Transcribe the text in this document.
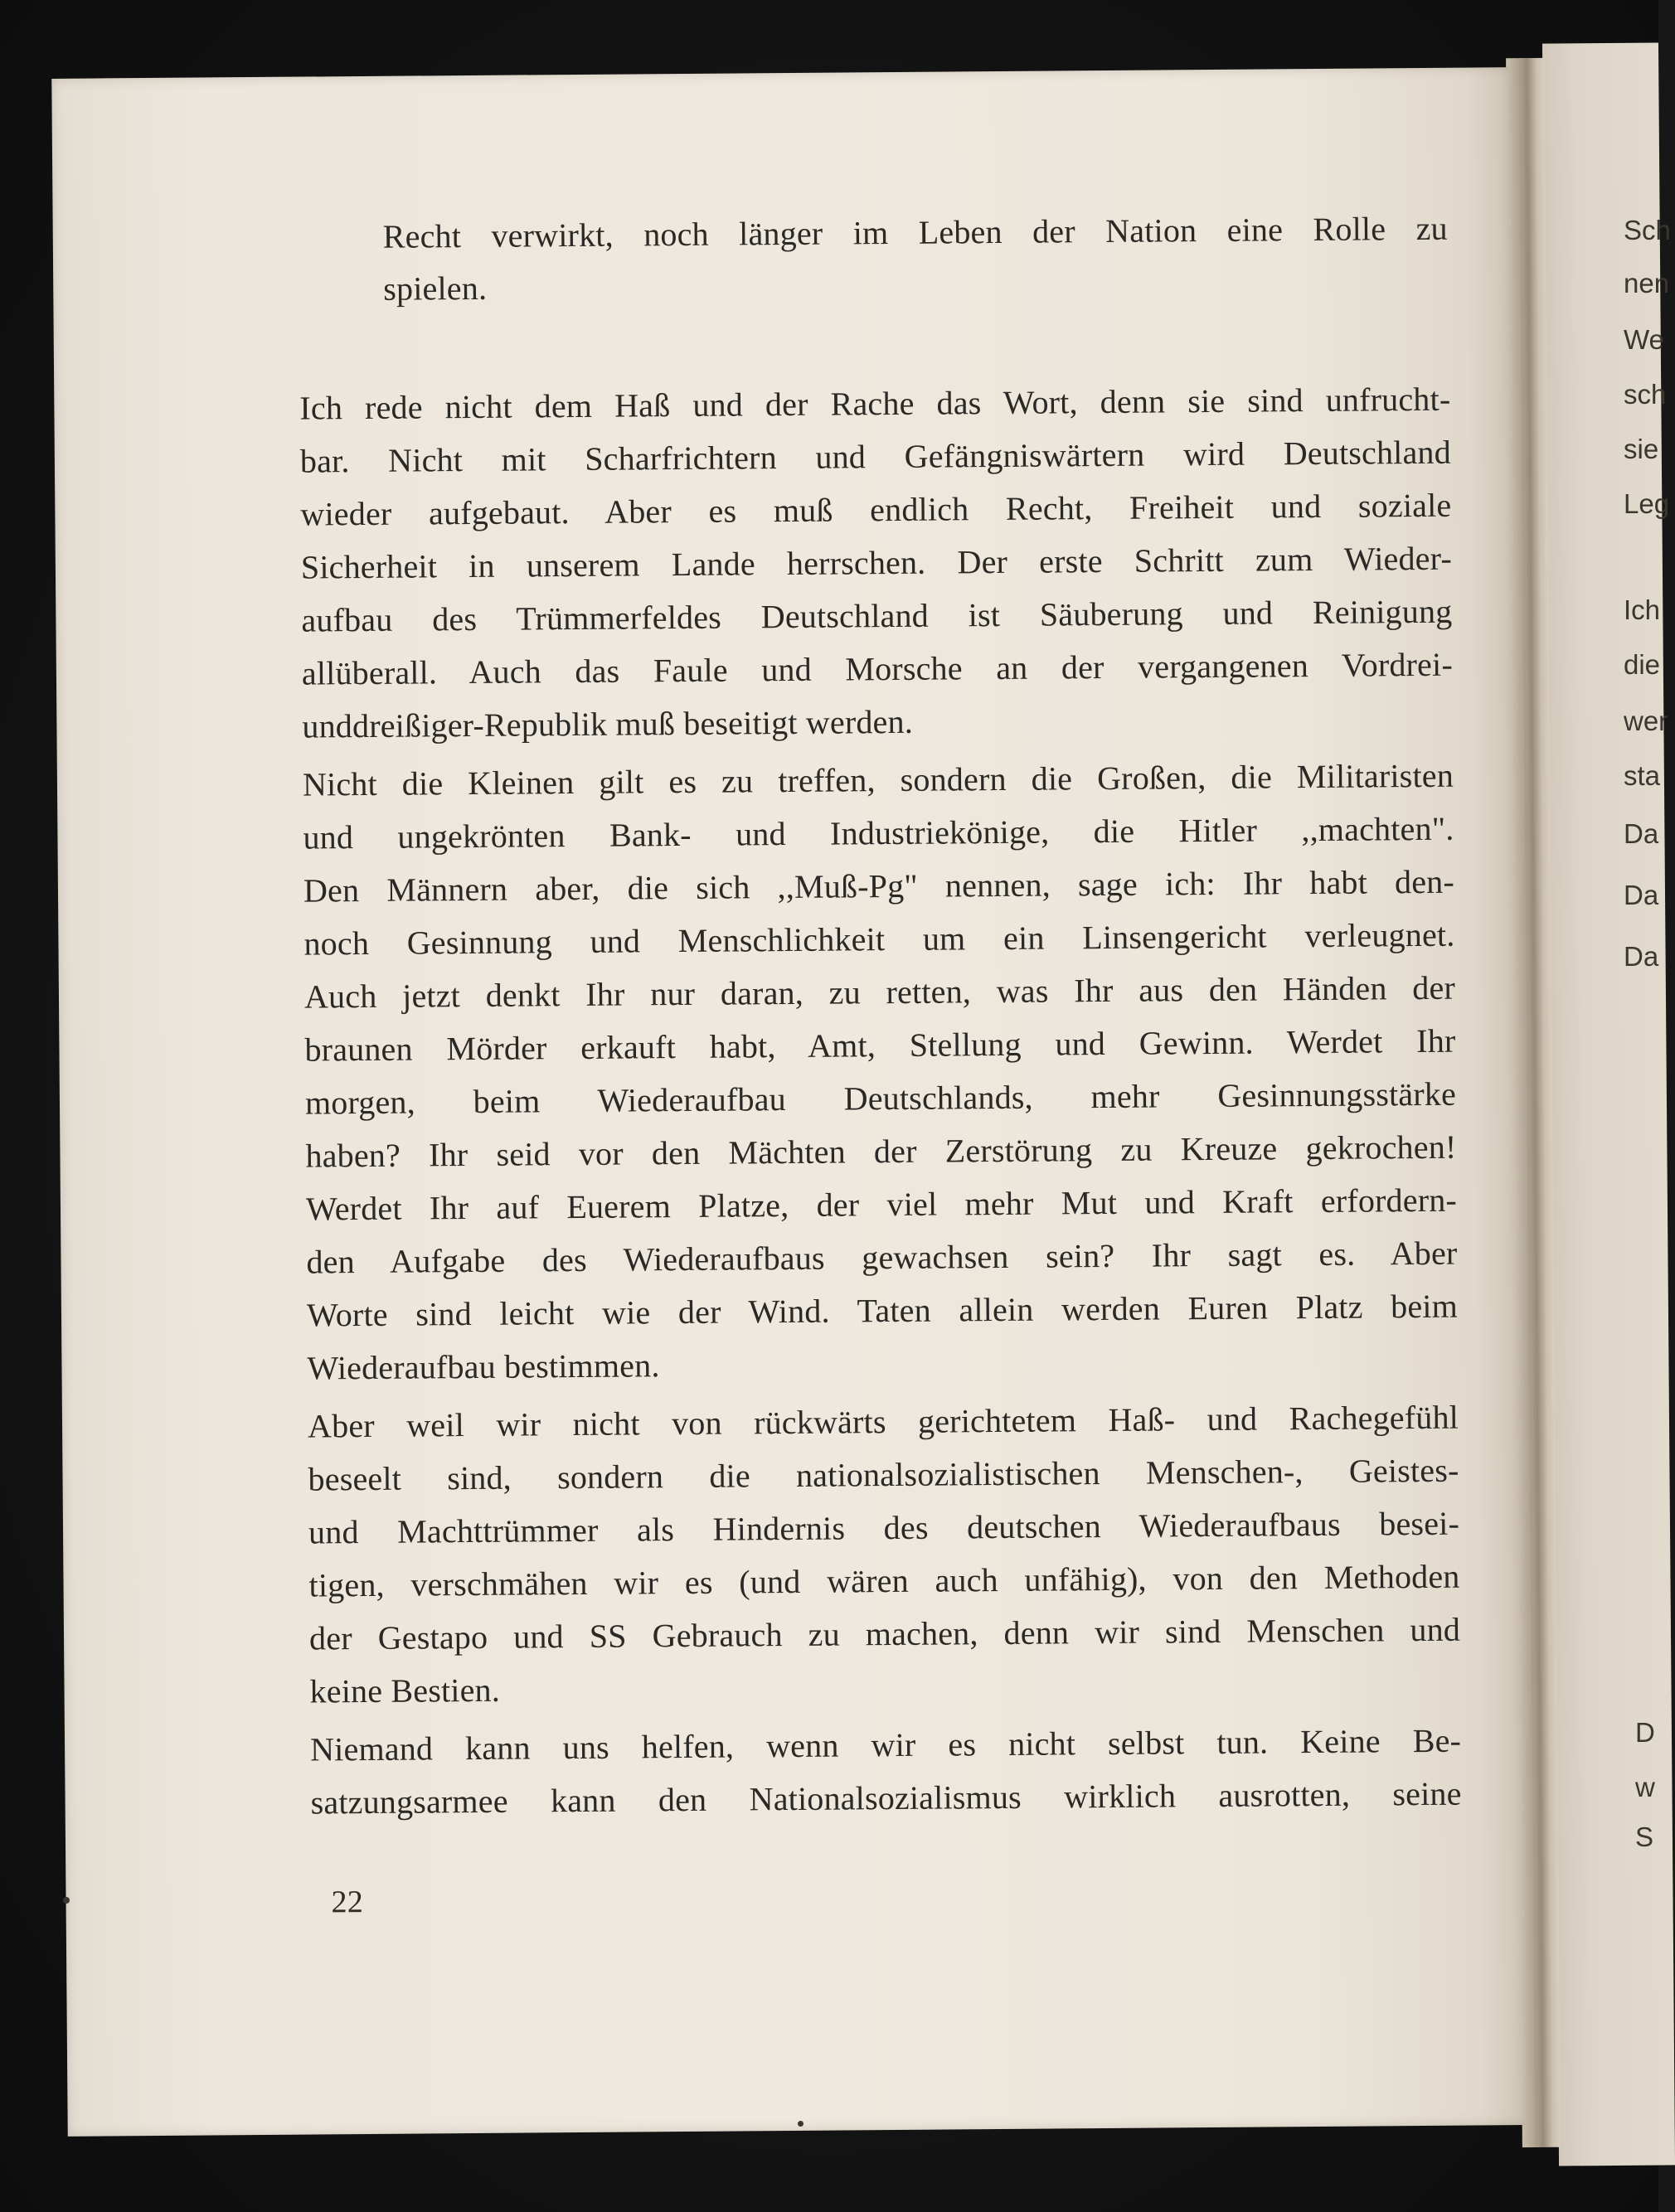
Recht verwirkt, noch länger im Leben der Nation eine Rolle zu
spielen.
Ich rede nicht dem Haß und der Rache das Wort, denn sie sind unfrucht-
bar. Nicht mit Scharfrichtern und Gefängniswärtern wird Deutschland
wieder aufgebaut. Aber es muß endlich Recht, Freiheit und soziale
Sicherheit in unserem Lande herrschen. Der erste Schritt zum Wieder-
aufbau des Trümmerfeldes Deutschland ist Säuberung und Reinigung
allüberall. Auch das Faule und Morsche an der vergangenen Vordrei-
unddreißiger-Republik muß beseitigt werden.
Nicht die Kleinen gilt es zu treffen, sondern die Großen, die Militaristen
und ungekrönten Bank- und Industriekönige, die Hitler ,,machten".
Den Männern aber, die sich ,,Muß-Pg" nennen, sage ich: Ihr habt den-
noch Gesinnung und Menschlichkeit um ein Linsengericht verleugnet.
Auch jetzt denkt Ihr nur daran, zu retten, was Ihr aus den Händen der
braunen Mörder erkauft habt, Amt, Stellung und Gewinn. Werdet Ihr
morgen, beim Wiederaufbau Deutschlands, mehr Gesinnungsstärke
haben? Ihr seid vor den Mächten der Zerstörung zu Kreuze gekrochen!
Werdet Ihr auf Euerem Platze, der viel mehr Mut und Kraft erfordern-
den Aufgabe des Wiederaufbaus gewachsen sein? Ihr sagt es. Aber
Worte sind leicht wie der Wind. Taten allein werden Euren Platz beim
Wiederaufbau bestimmen.
Aber weil wir nicht von rückwärts gerichtetem Haß- und Rachegefühl
beseelt sind, sondern die nationalsozialistischen Menschen-, Geistes-
und Machttrümmer als Hindernis des deutschen Wiederaufbaus besei-
tigen, verschmähen wir es (und wären auch unfähig), von den Methoden
der Gestapo und SS Gebrauch zu machen, denn wir sind Menschen und
keine Bestien.
Niemand kann uns helfen, wenn wir es nicht selbst tun. Keine Be-
satzungsarmee kann den Nationalsozialismus wirklich ausrotten, seine
22
Sch
nen
We
sch
sie
Leg
Ich
die
wer
sta
Da
Da
Da
D
w
S
